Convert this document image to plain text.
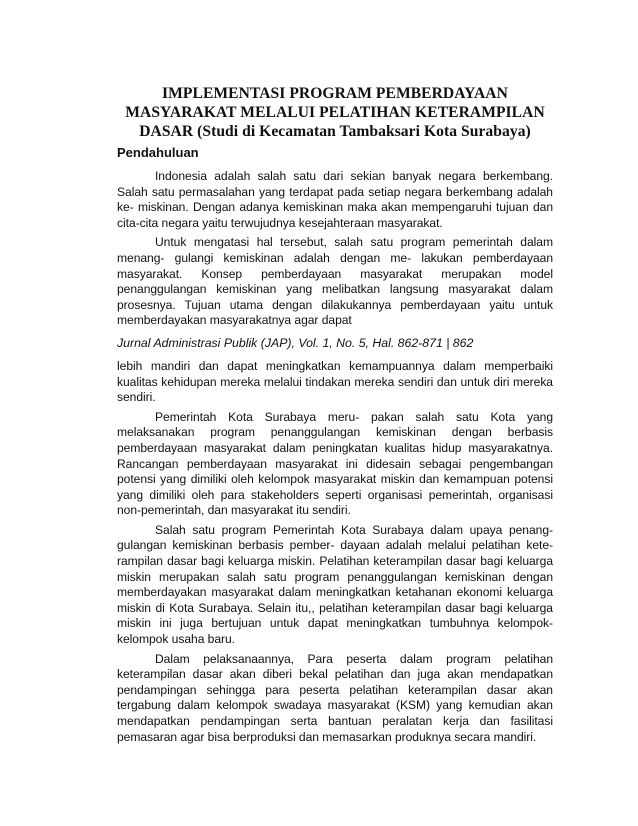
IMPLEMENTASI PROGRAM PEMBERDAYAAN
MASYARAKAT MELALUI PELATIHAN KETERAMPILAN
DASAR (Studi di Kecamatan Tambaksari Kota Surabaya)
Pendahuluan

Indonesia adalah salah satu dari sekian banyak negara berkembang. Salah satu permasalahan yang terdapat pada setiap negara berkembang adalah ke- miskinan. Dengan adanya kemiskinan maka akan mempengaruhi tujuan dan cita-cita negara yaitu terwujudnya kesejahteraan masyarakat.

Untuk mengatasi hal tersebut, salah satu program pemerintah dalam menang- gulangi kemiskinan adalah dengan me- lakukan pemberdayaan masyarakat. Konsep pemberdayaan masyarakat merupakan model penanggulangan kemiskinan yang melibatkan langsung masyarakat dalam prosesnya. Tujuan utama dengan dilakukannya pemberdayaan yaitu untuk memberdayakan masyarakatnya agar dapat

Jurnal Administrasi Publik (JAP), Vol. 1, No. 5, Hal. 862-871 | 862

lebih mandiri dan dapat meningkatkan kemampuannya dalam memperbaiki kualitas kehidupan mereka melalui tindakan mereka sendiri dan untuk diri mereka sendiri.

Pemerintah Kota Surabaya meru- pakan salah satu Kota yang melaksanakan program penanggulangan kemiskinan dengan berbasis pemberdayaan masyarakat dalam peningkatan kualitas hidup masyarakatnya. Rancangan pemberdayaan masyarakat ini didesain sebagai pengembangan potensi yang dimiliki oleh kelompok masyarakat miskin dan kemampuan potensi yang dimiliki oleh para stakeholders seperti organisasi pemerintah, organisasi non-pemerintah, dan masyarakat itu sendiri.

Salah satu program Pemerintah Kota Surabaya dalam upaya penang- gulangan kemiskinan berbasis pember- dayaan adalah melalui pelatihan kete- rampilan dasar bagi keluarga miskin. Pelatihan keterampilan dasar bagi keluarga miskin merupakan salah satu program penanggulangan kemiskinan dengan memberdayakan masyarakat dalam meningkatkan ketahanan ekonomi keluarga miskin di Kota Surabaya. Selain itu,, pelatihan keterampilan dasar bagi keluarga miskin ini juga bertujuan untuk dapat meningkatkan tumbuhnya kelompok- kelompok usaha baru.

Dalam pelaksanaannya, Para peserta dalam program pelatihan keterampilan dasar akan diberi bekal pelatihan dan juga akan mendapatkan pendampingan sehingga para peserta pelatihan keterampilan dasar akan tergabung dalam kelompok swadaya masyarakat (KSM) yang kemudian akan mendapatkan pendampingan serta bantuan peralatan kerja dan fasilitasi pemasaran agar bisa berproduksi dan memasarkan produknya secara mandiri.
